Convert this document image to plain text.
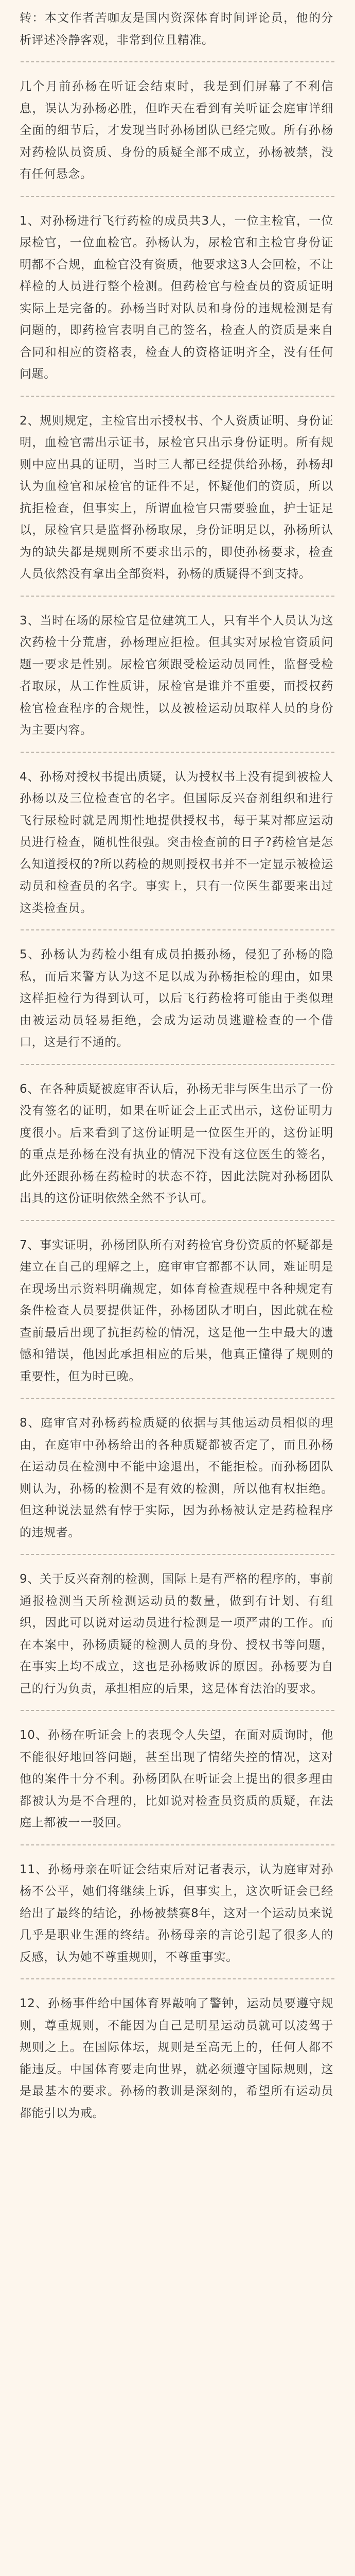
转：本文作者苦咖友是国内资深体育时间评论员，他的分析评述冷静客观，非常到位且精准。
几个月前孙杨在听证会结束时，我是到们屏幕了不利信息，误认为孙杨必胜，但昨天在看到有关听证会庭审详细全面的细节后，才发现当时孙杨团队已经完败。所有孙杨对药检队员资质、身份的质疑全部不成立，孙杨被禁，没有任何悬念。
1、对孙杨进行飞行药检的成员共3人，一位主检官，一位尿检官，一位血检官。孙杨认为，尿检官和主检官身份证明都不合规，血检官没有资质，他要求这3人会回检，不让样检的人员进行整个检测。但药检官与检查员的资质证明实际上是完备的。孙杨当时对队员和身份的违规检测是有问题的，即药检官表明自己的签名，检查人的资质是来自合同和相应的资格表，检查人的资格证明齐全，没有任何问题。
2、规则规定，主检官出示授权书、个人资质证明、身份证明，血检官需出示证书，尿检官只出示身份证明。所有规则中应出具的证明，当时三人都已经提供给孙杨，孙杨却认为血检官和尿检官的证件不足，怀疑他们的资质，所以抗拒检查，但事实上，所谓血检官只需要验血，护士证足以，尿检官只是监督孙杨取尿，身份证明足以，孙杨所认为的缺失都是规则所不要求出示的，即使孙杨要求，检查人员依然没有拿出全部资料，孙杨的质疑得不到支持。
3、当时在场的尿检官是位建筑工人，只有半个人员认为这次药检十分荒唐，孙杨理应拒检。但其实对尿检官资质问题一要求是性别。尿检官须跟受检运动员同性，监督受检者取尿，从工作性质讲，尿检官是谁并不重要，而授权药检官检查程序的合规性，以及被检运动员取样人员的身份为主要内容。
4、孙杨对授权书提出质疑，认为授权书上没有提到被检人孙杨以及三位检查官的名字。但国际反兴奋剂组织和进行飞行尿检时就是周期性地提供授权书，每于某对都应运动员进行检查，随机性很强。突击检查前的日子?药检官是怎么知道授权的?所以药检的规则授权书并不一定显示被检运动员和检查员的名字。事实上，只有一位医生都要来出过这类检查员。
5、孙杨认为药检小组有成员拍摄孙杨，侵犯了孙杨的隐私，而后来警方认为这不足以成为孙杨拒检的理由，如果这样拒检行为得到认可，以后飞行药检将可能由于类似理由被运动员轻易拒绝，会成为运动员逃避检查的一个借口，这是行不通的。
6、在各种质疑被庭审否认后，孙杨无非与医生出示了一份没有签名的证明，如果在听证会上正式出示，这份证明力度很小。后来看到了这份证明是一位医生开的，这份证明的重点是孙杨在没有执业的情况下没有这位医生的签名，此外还跟孙杨在药检时的状态不符，因此法院对孙杨团队出具的这份证明依然全然不予认可。
7、事实证明，孙杨团队所有对药检官身份资质的怀疑都是建立在自己的理解之上，庭审审官都都不认同，难证明是在现场出示资料明确规定，如体育检查规程中各种规定有条件检查人员要提供证件，孙杨团队才明白，因此就在检查前最后出现了抗拒药检的情况，这是他一生中最大的遗憾和错误，他因此承担相应的后果，他真正懂得了规则的重要性，但为时已晚。
8、庭审官对孙杨药检质疑的依据与其他运动员相似的理由，在庭审中孙杨给出的各种质疑都被否定了，而且孙杨在运动员在检测中不能中途退出，不能拒检。而孙杨团队则认为，孙杨的检测不是有效的检测，所以他有权拒绝。但这种说法显然有悖于实际，因为孙杨被认定是药检程序的违规者。
9、关于反兴奋剂的检测，国际上是有严格的程序的，事前通报检测当天所检测运动员的数量，做到有计划、有组织，因此可以说对运动员进行检测是一项严肃的工作。而在本案中，孙杨质疑的检测人员的身份、授权书等问题，在事实上均不成立，这也是孙杨败诉的原因。孙杨要为自己的行为负责，承担相应的后果，这是体育法治的要求。
10、孙杨在听证会上的表现令人失望，在面对质询时，他不能很好地回答问题，甚至出现了情绪失控的情况，这对他的案件十分不利。孙杨团队在听证会上提出的很多理由都被认为是不合理的，比如说对检查员资质的质疑，在法庭上都被一一驳回。
11、孙杨母亲在听证会结束后对记者表示，认为庭审对孙杨不公平，她们将继续上诉，但事实上，这次听证会已经给出了最终的结论，孙杨被禁赛8年，这对一个运动员来说几乎是职业生涯的终结。孙杨母亲的言论引起了很多人的反感，认为她不尊重规则，不尊重事实。
12、孙杨事件给中国体育界敲响了警钟，运动员要遵守规则，尊重规则，不能因为自己是明星运动员就可以凌驾于规则之上。在国际体坛，规则是至高无上的，任何人都不能违反。中国体育要走向世界，就必须遵守国际规则，这是最基本的要求。孙杨的教训是深刻的，希望所有运动员都能引以为戒。
